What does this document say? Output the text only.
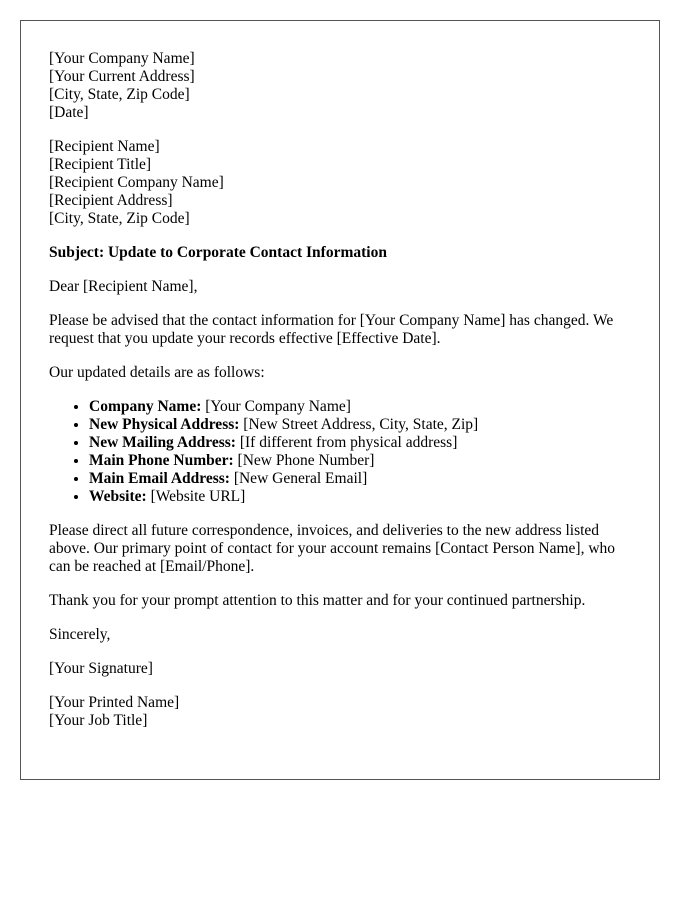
[Your Company Name]
[Your Current Address]
[City, State, Zip Code]
[Date]
[Recipient Name]
[Recipient Title]
[Recipient Company Name]
[Recipient Address]
[City, State, Zip Code]
Subject: Update to Corporate Contact Information

Dear [Recipient Name],

Please be advised that the contact information for [Your Company Name] has changed. We request that you update your records effective [Effective Date].

Our updated details are as follows:

• Company Name: [Your Company Name]
• New Physical Address: [New Street Address, City, State, Zip]
• New Mailing Address: [If different from physical address]
• Main Phone Number: [New Phone Number]
• Main Email Address: [New General Email]
• Website: [Website URL]

Please direct all future correspondence, invoices, and deliveries to the new address listed above. Our primary point of contact for your account remains [Contact Person Name], who can be reached at [Email/Phone].

Thank you for your prompt attention to this matter and for your continued partnership.

Sincerely,

[Your Signature]

[Your Printed Name]
[Your Job Title]
